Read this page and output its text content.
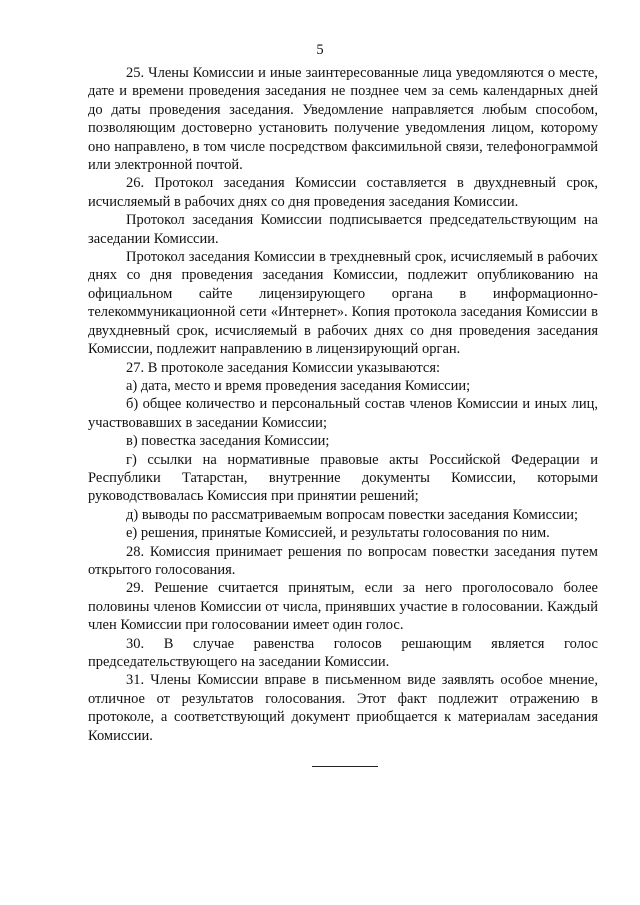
5

25. Члены Комиссии и иные заинтересованные лица уведомляются о месте, дате и времени проведения заседания не позднее чем за семь календарных дней до даты проведения заседания. Уведомление направляется любым способом, позволяющим достоверно установить получение уведомления лицом, которому оно направлено, в том числе посредством факсимильной связи, телефонограммой или электронной почтой.

26. Протокол заседания Комиссии составляется в двухдневный срок, исчисляемый в рабочих днях со дня проведения заседания Комиссии.

Протокол заседания Комиссии подписывается председательствующим на заседании Комиссии.

Протокол заседания Комиссии в трехдневный срок, исчисляемый в рабочих днях со дня проведения заседания Комиссии, подлежит опубликованию на официальном сайте лицензирующего органа в информационно-телекоммуникационной сети «Интернет». Копия протокола заседания Комиссии в двухдневный срок, исчисляемый в рабочих днях со дня проведения заседания Комиссии, подлежит направлению в лицензирующий орган.

27. В протоколе заседания Комиссии указываются:

а) дата, место и время проведения заседания Комиссии;

б) общее количество и персональный состав членов Комиссии и иных лиц, участвовавших в заседании Комиссии;

в) повестка заседания Комиссии;

г) ссылки на нормативные правовые акты Российской Федерации и Республики Татарстан, внутренние документы Комиссии, которыми руководствовалась Комиссия при принятии решений;

д) выводы по рассматриваемым вопросам повестки заседания Комиссии;

е) решения, принятые Комиссией, и результаты голосования по ним.

28. Комиссия принимает решения по вопросам повестки заседания путем открытого голосования.

29. Решение считается принятым, если за него проголосовало более половины членов Комиссии от числа, принявших участие в голосовании. Каждый член Комиссии при голосовании имеет один голос.

30. В случае равенства голосов решающим является голос председательствующего на заседании Комиссии.

31. Члены Комиссии вправе в письменном виде заявлять особое мнение, отличное от результатов голосования. Этот факт подлежит отражению в протоколе, а соответствующий документ приобщается к материалам заседания Комиссии.
